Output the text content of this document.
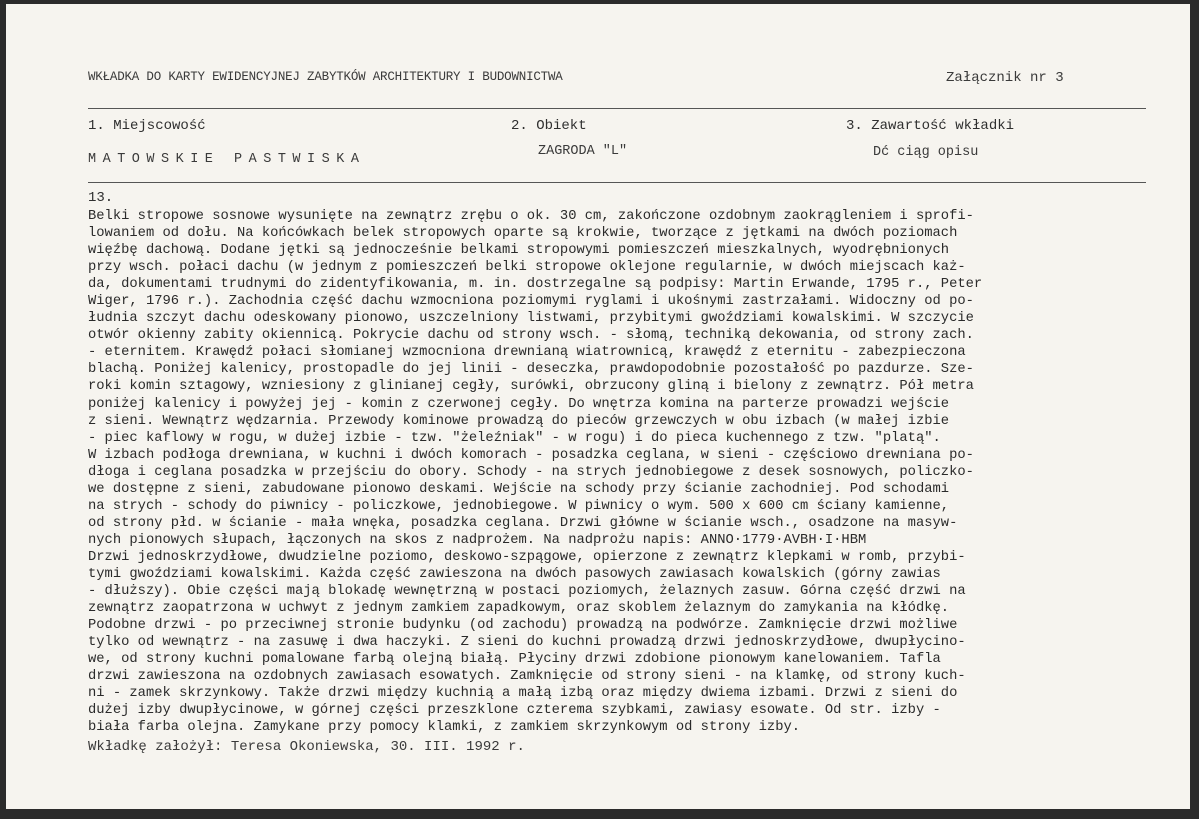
WKŁADKA DO KARTY EWIDENCYJNEJ ZABYTKÓW ARCHITEKTURY I BUDOWNICTWA	Załącznik nr 3
1. Miejscowość
MATOWSKIE PASTWISKA
2. Obiekt
ZAGRODA "L"
3. Zawartość wkładki
Dć ciąg opisu
13.
Belki stropowe sosnowe wysunięte na zewnątrz zrębu o ok. 30 cm, zakończone ozdobnym zaokrągleniem i sprofi-
lowaniem od dołu. Na końcówkach belek stropowych oparte są krokwie, tworzące z jętkami na dwóch poziomach
więźbę dachową. Dodane jętki są jednocześnie belkami stropowymi pomieszczeń mieszkalnych, wyodrębnionych
przy wsch. połaci dachu (w jednym z pomieszczeń belki stropowe oklejone regularnie, w dwóch miejscach każ-
da, dokumentami trudnymi do zidentyfikowania, m. in. dostrzegalne są podpisy: Martin Erwande, 1795 r., Peter
Wiger, 1796 r.). Zachodnia część dachu wzmocniona poziomymi ryglami i ukośnymi zastrzałami. Widoczny od po-
łudnia szczyt dachu odeskowany pionowo, uszczelniony listwami, przybitymi gwoździami kowalskimi. W szczycie
otwór okienny zabity okiennicą. Pokrycie dachu od strony wsch. - słomą, techniką dekowania, od strony zach.
- eternitem. Krawędź połaci słomianej wzmocniona drewnianą wiatrownicą, krawędź z eternitu - zabezpieczona
blachą. Poniżej kalenicy, prostopadle do jej linii - deseczka, prawdopodobnie pozostałość po pazdurze. Sze-
roki komin sztagowy, wzniesiony z glinianej cegły, surówki, obrzucony gliną i bielony z zewnątrz. Pół metra
poniżej kalenicy i powyżej jej - komin z czerwonej cegły. Do wnętrza komina na parterze prowadzi wejście
z sieni. Wewnątrz wędzarnia. Przewody kominowe prowadzą do pieców grzewczych w obu izbach (w małej izbie
- piec kaflowy w rogu, w dużej izbie - tzw. "żeleźniak" - w rogu) i do pieca kuchennego z tzw. "platą".
W izbach podłoga drewniana, w kuchni i dwóch komorach - posadzka ceglana, w sieni - częściowo drewniana po-
dłoga i ceglana posadzka w przejściu do obory. Schody - na strych jednobiegowe z desek sosnowych, policzko-
we dostępne z sieni, zabudowane pionowo deskami. Wejście na schody przy ścianie zachodniej. Pod schodami
na strych - schody do piwnicy - policzkowe, jednobiegowe. W piwnicy o wym. 500 x 600 cm ściany kamienne,
od strony płd. w ścianie - mała wnęka, posadzka ceglana. Drzwi główne w ścianie wsch., osadzone na masyw-
nych pionowych słupach, łączonych na skos z nadprożem. Na nadprożu napis: ANNO·1779·AVBH·I·HBM
Drzwi jednoskrzydłowe, dwudzielne poziomo, deskowo-szpągowe, opierzone z zewnątrz klepkami w romb, przybi-
tymi gwoździami kowalskimi. Każda część zawieszona na dwóch pasowych zawiasach kowalskich (górny zawias
- dłuższy). Obie części mają blokadę wewnętrzną w postaci poziomych, żelaznych zasuw. Górna część drzwi na
zewnątrz zaopatrzona w uchwyt z jednym zamkiem zapadkowym, oraz skoblem żelaznym do zamykania na kłódkę.
Podobne drzwi - po przeciwnej stronie budynku (od zachodu) prowadzą na podwórze. Zamknięcie drzwi możliwe
tylko od wewnątrz - na zasuwę i dwa haczyki. Z sieni do kuchni prowadzą drzwi jednoskrzydłowe, dwupłycino-
we, od strony kuchni pomalowane farbą olejną białą. Płyciny drzwi zdobione pionowym kanelowaniem. Tafla
drzwi zawieszona na ozdobnych zawiasach esowatych. Zamknięcie od strony sieni - na klamkę, od strony kuch-
ni - zamek skrzynkowy. Także drzwi między kuchnią a małą izbą oraz między dwiema izbami. Drzwi z sieni do
dużej izby dwupłycinowe, w górnej części przeszklone czterema szybkami, zawiasy esowate. Od str. izby -
biała farba olejna. Zamykane przy pomocy klamki, z zamkiem skrzynkowym od strony izby.
Wkładkę założył: Teresa Okoniewska, 30. III. 1992 r.
